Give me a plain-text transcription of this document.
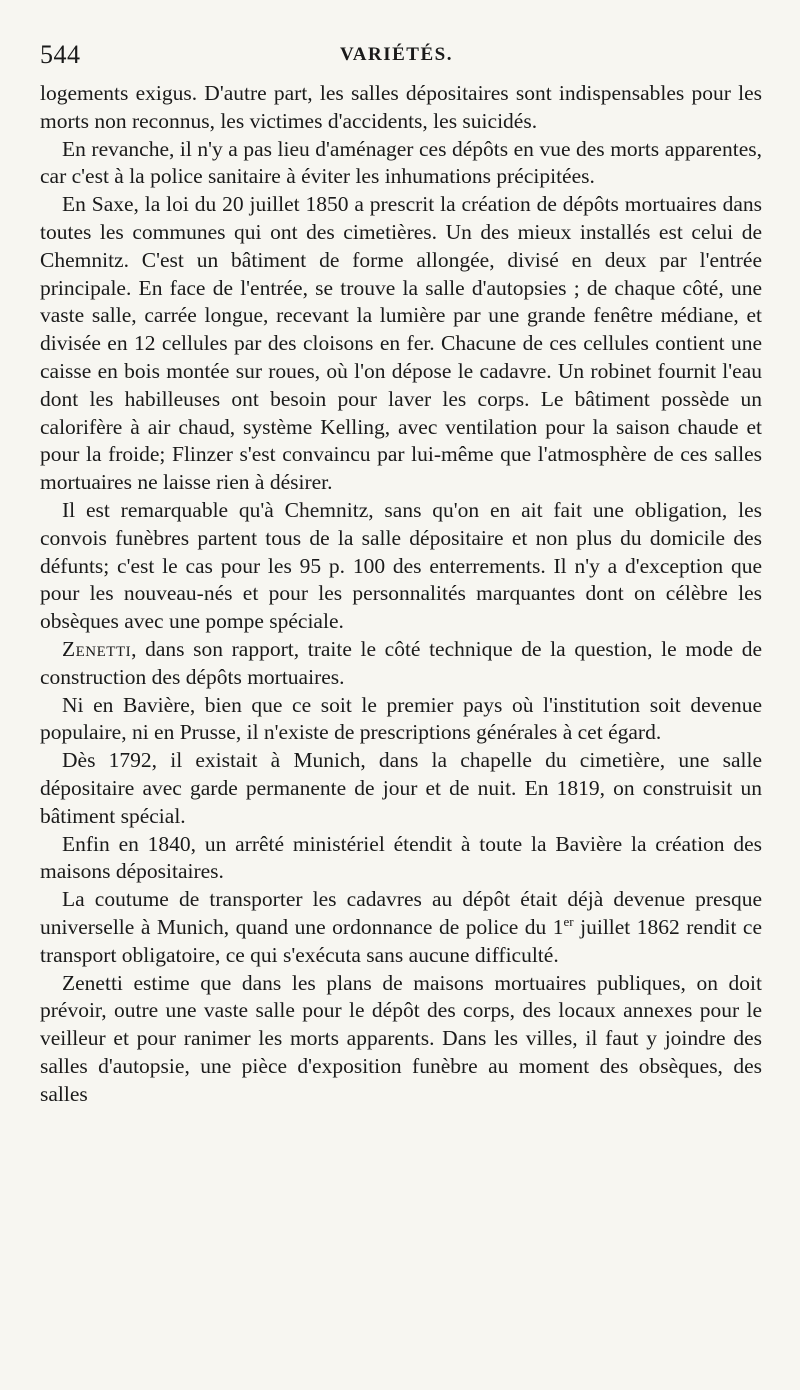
544	VARIÉTÉS.

logements exigus. D'autre part, les salles dépositaires sont indispensables pour les morts non reconnus, les victimes d'accidents, les suicidés.

En revanche, il n'y a pas lieu d'aménager ces dépôts en vue des morts apparentes, car c'est à la police sanitaire à éviter les inhumations précipitées.

En Saxe, la loi du 20 juillet 1850 a prescrit la création de dépôts mortuaires dans toutes les communes qui ont des cimetières. Un des mieux installés est celui de Chemnitz. C'est un bâtiment de forme allongée, divisé en deux par l'entrée principale. En face de l'entrée, se trouve la salle d'autopsies ; de chaque côté, une vaste salle, carrée longue, recevant la lumière par une grande fenêtre médiane, et divisée en 12 cellules par des cloisons en fer. Chacune de ces cellules contient une caisse en bois montée sur roues, où l'on dépose le cadavre. Un robinet fournit l'eau dont les habilleuses ont besoin pour laver les corps. Le bâtiment possède un calorifère à air chaud, système Kelling, avec ventilation pour la saison chaude et pour la froide; Flinzer s'est convaincu par lui-même que l'atmosphère de ces salles mortuaires ne laisse rien à désirer.

Il est remarquable qu'à Chemnitz, sans qu'on en ait fait une obligation, les convois funèbres partent tous de la salle dépositaire et non plus du domicile des défunts; c'est le cas pour les 95 p. 100 des enterrements. Il n'y a d'exception que pour les nouveau-nés et pour les personnalités marquantes dont on célèbre les obsèques avec une pompe spéciale.

Zenetti, dans son rapport, traite le côté technique de la question, le mode de construction des dépôts mortuaires.

Ni en Bavière, bien que ce soit le premier pays où l'institution soit devenue populaire, ni en Prusse, il n'existe de prescriptions générales à cet égard.

Dès 1792, il existait à Munich, dans la chapelle du cimetière, une salle dépositaire avec garde permanente de jour et de nuit. En 1819, on construisit un bâtiment spécial.

Enfin en 1840, un arrêté ministériel étendit à toute la Bavière la création des maisons dépositaires.

La coutume de transporter les cadavres au dépôt était déjà devenue presque universelle à Munich, quand une ordonnance de police du 1er juillet 1862 rendit ce transport obligatoire, ce qui s'exécuta sans aucune difficulté.

Zenetti estime que dans les plans de maisons mortuaires publiques, on doit prévoir, outre une vaste salle pour le dépôt des corps, des locaux annexes pour le veilleur et pour ranimer les morts apparents. Dans les villes, il faut y joindre des salles d'autopsie, une pièce d'exposition funèbre au moment des obsèques, des salles
